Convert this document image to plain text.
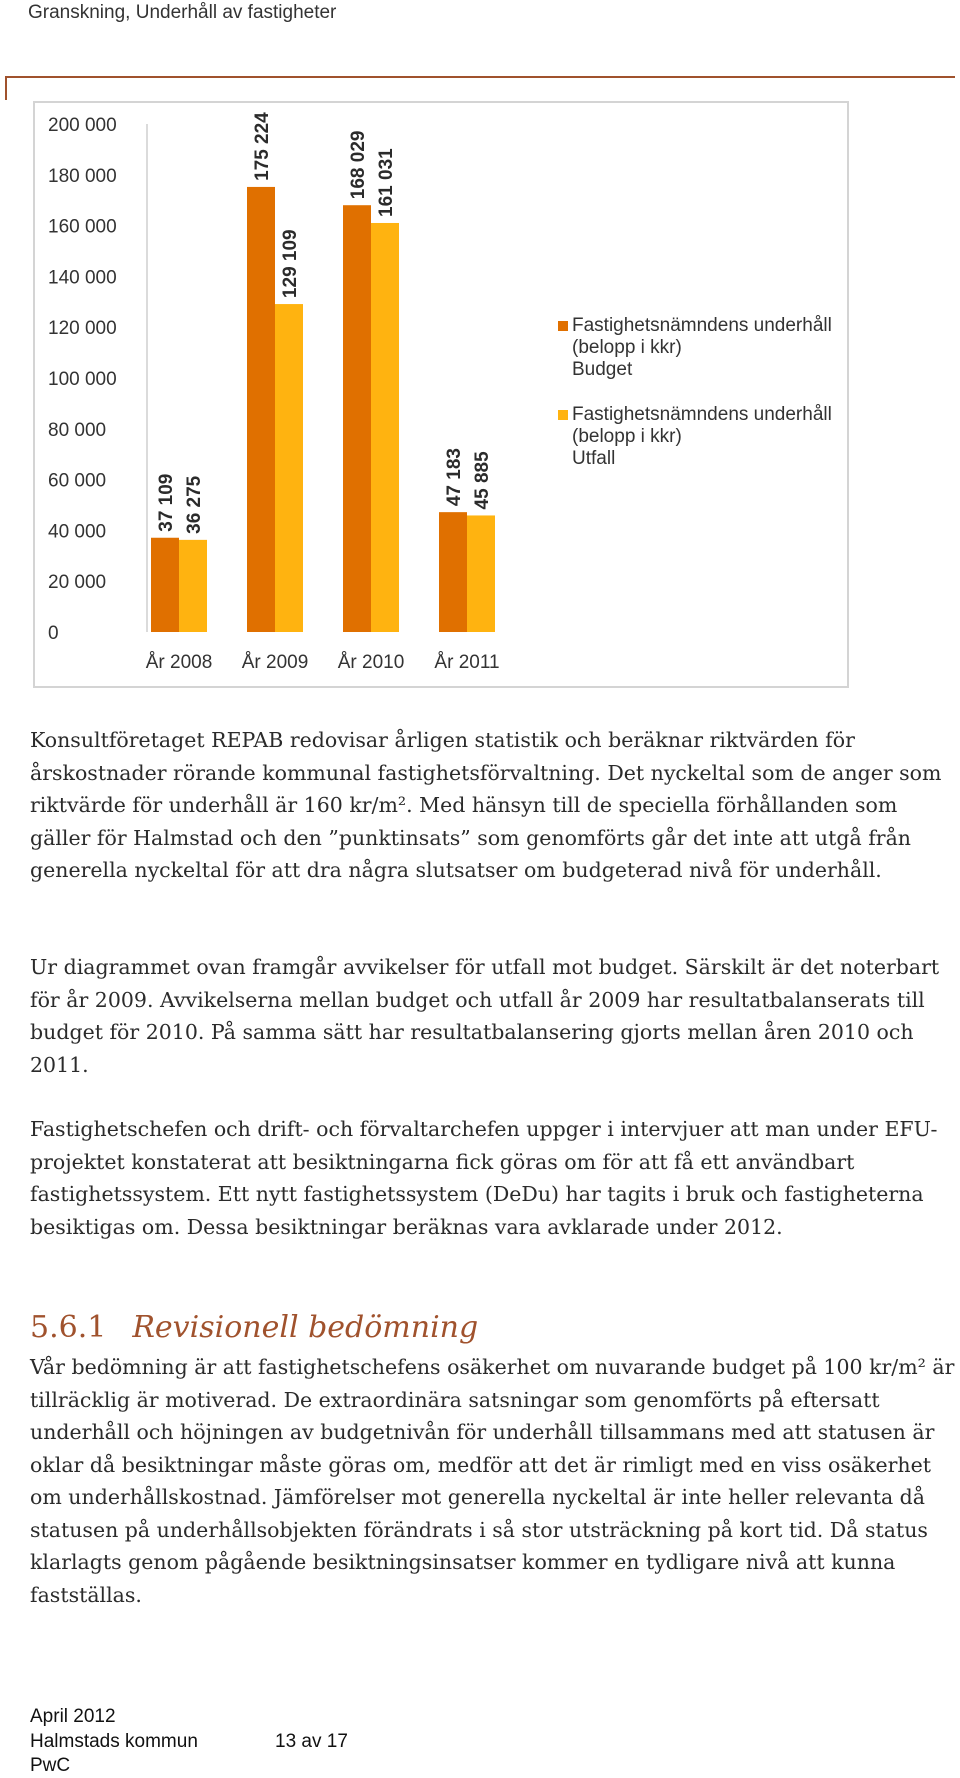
Granskning, Underhåll av fastigheter
200 000
180 000
160 000
140 000
120 000
100 000
80 000
60 000
40 000
20 000
0
37 109 36 275
År 2008
175 224
129 109
År 2009
168 029 161 031
År 2010
47 183 45 885
År 2011
Fastighetsnämndens underhåll (belopp i kkr)
Budget
Fastighetsnämndens underhåll (belopp i kkr)
Utfall

Konsultföretaget REPAB redovisar årligen statistik och beräknar riktvärden för årskostnader rörande kommunal fastighetsförvaltning. Det nyckeltal som de anger som riktvärde för underhåll är 160 kr/m². Med hänsyn till de speciella förhållanden som gäller för Halmstad och den ”punktinsats” som genomförts går det inte att utgå från generella nyckeltal för att dra några slutsatser om budgeterad nivå för underhåll.

Ur diagrammet ovan framgår avvikelser för utfall mot budget. Särskilt är det noterbart för år 2009. Avvikelserna mellan budget och utfall år 2009 har resultatbalanserats till budget för 2010. På samma sätt har resultatbalansering gjorts mellan åren 2010 och 2011.

Fastighetschefen och drift- och förvaltarchefen uppger i intervjuer att man under EFU-projektet konstaterat att besiktningarna fick göras om för att få ett användbart fastighetssystem. Ett nytt fastighetssystem (DeDu) har tagits i bruk och fastigheterna besiktigas om. Dessa besiktningar beräknas vara avklarade under 2012.

5.6.1 Revisionell bedömning

Vår bedömning är att fastighetschefens osäkerhet om nuvarande budget på 100 kr/m² är tillräcklig är motiverad. De extraordinära satsningar som genomförts på eftersatt underhåll och höjningen av budgetnivån för underhåll tillsammans med att statusen är oklar då besiktningar måste göras om, medför att det är rimligt med en viss osäkerhet om underhållskostnad. Jämförelser mot generella nyckeltal är inte heller relevanta då statusen på underhållsobjekten förändrats i så stor utsträckning på kort tid. Då status klarlagts genom pågående besiktningsinsatser kommer en tydligare nivå att kunna fastställas.

April 2012
Halmstads kommun	13 av 17
PwC
